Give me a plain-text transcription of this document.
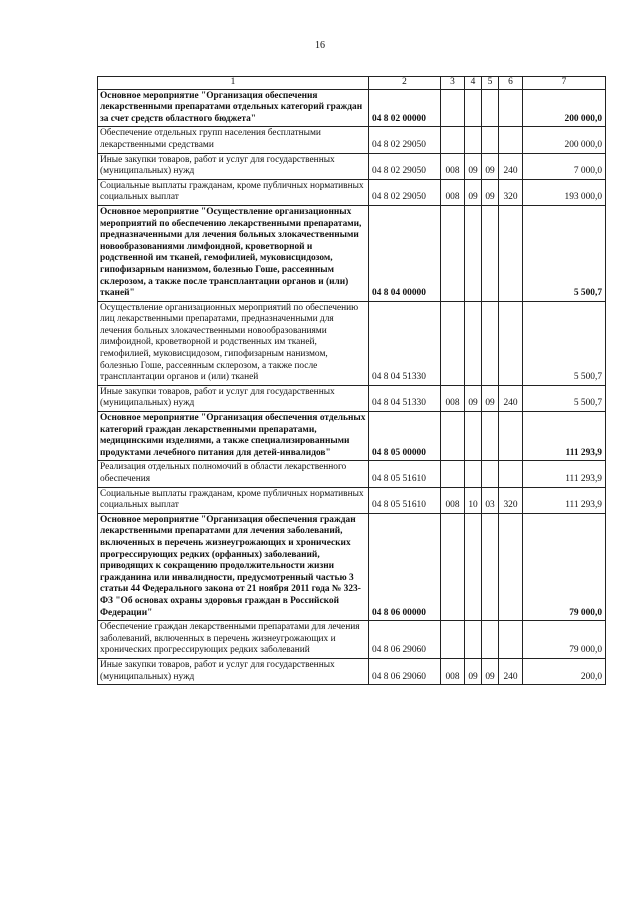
16
1	2	3	4	5	6	7
Основное мероприятие "Организация обеспечения лекарственными препаратами отдельных категорий граждан за счет средств областного бюджета"	04 8 02 00000					200 000,0
Обеспечение отдельных групп населения бесплатными лекарственными средствами	04 8 02 29050					200 000,0
Иные закупки товаров, работ и услуг для государственных (муниципальных) нужд	04 8 02 29050	008	09	09	240	7 000,0
Социальные выплаты гражданам, кроме публичных нормативных социальных выплат	04 8 02 29050	008	09	09	320	193 000,0
Основное мероприятие "Осуществление организационных мероприятий по обеспечению лекарственными препаратами, предназначенными для лечения больных злокачественными новообразованиями лимфоидной, кроветворной и родственной им тканей, гемофилией, муковисцидозом, гипофизарным нанизмом, болезнью Гоше, рассеянным склерозом, а также после трансплантации органов и (или) тканей"	04 8 04 00000					5 500,7
Осуществление организационных мероприятий по обеспечению лиц лекарственными препаратами, предназначенными для лечения больных злокачественными новообразованиями лимфоидной, кроветворной и родственных им тканей, гемофилией, муковисцидозом, гипофизарным нанизмом, болезнью Гоше, рассеянным склерозом, а также после трансплантации органов и (или) тканей	04 8 04 51330					5 500,7
Иные закупки товаров, работ и услуг для государственных (муниципальных) нужд	04 8 04 51330	008	09	09	240	5 500,7
Основное мероприятие "Организация обеспечения отдельных категорий граждан лекарственными препаратами, медицинскими изделиями, а также специализированными продуктами лечебного питания для детей-инвалидов"	04 8 05 00000					111 293,9
Реализация отдельных полномочий в области лекарственного обеспечения	04 8 05 51610					111 293,9
Социальные выплаты гражданам, кроме публичных нормативных социальных выплат	04 8 05 51610	008	10	03	320	111 293,9
Основное мероприятие "Организация обеспечения граждан лекарственными препаратами для лечения заболеваний, включенных в перечень жизнеугрожающих и хронических прогрессирующих редких (орфанных) заболеваний, приводящих к сокращению продолжительности жизни гражданина или инвалидности, предусмотренный частью 3 статьи 44 Федерального закона от 21 ноября 2011 года № 323-ФЗ "Об основах охраны здоровья граждан в Российской Федерации"	04 8 06 00000					79 000,0
Обеспечение граждан лекарственными препаратами для лечения заболеваний, включенных в перечень жизнеугрожающих и хронических прогрессирующих редких заболеваний	04 8 06 29060					79 000,0
Иные закупки товаров, работ и услуг для государственных (муниципальных) нужд	04 8 06 29060	008	09	09	240	200,0
